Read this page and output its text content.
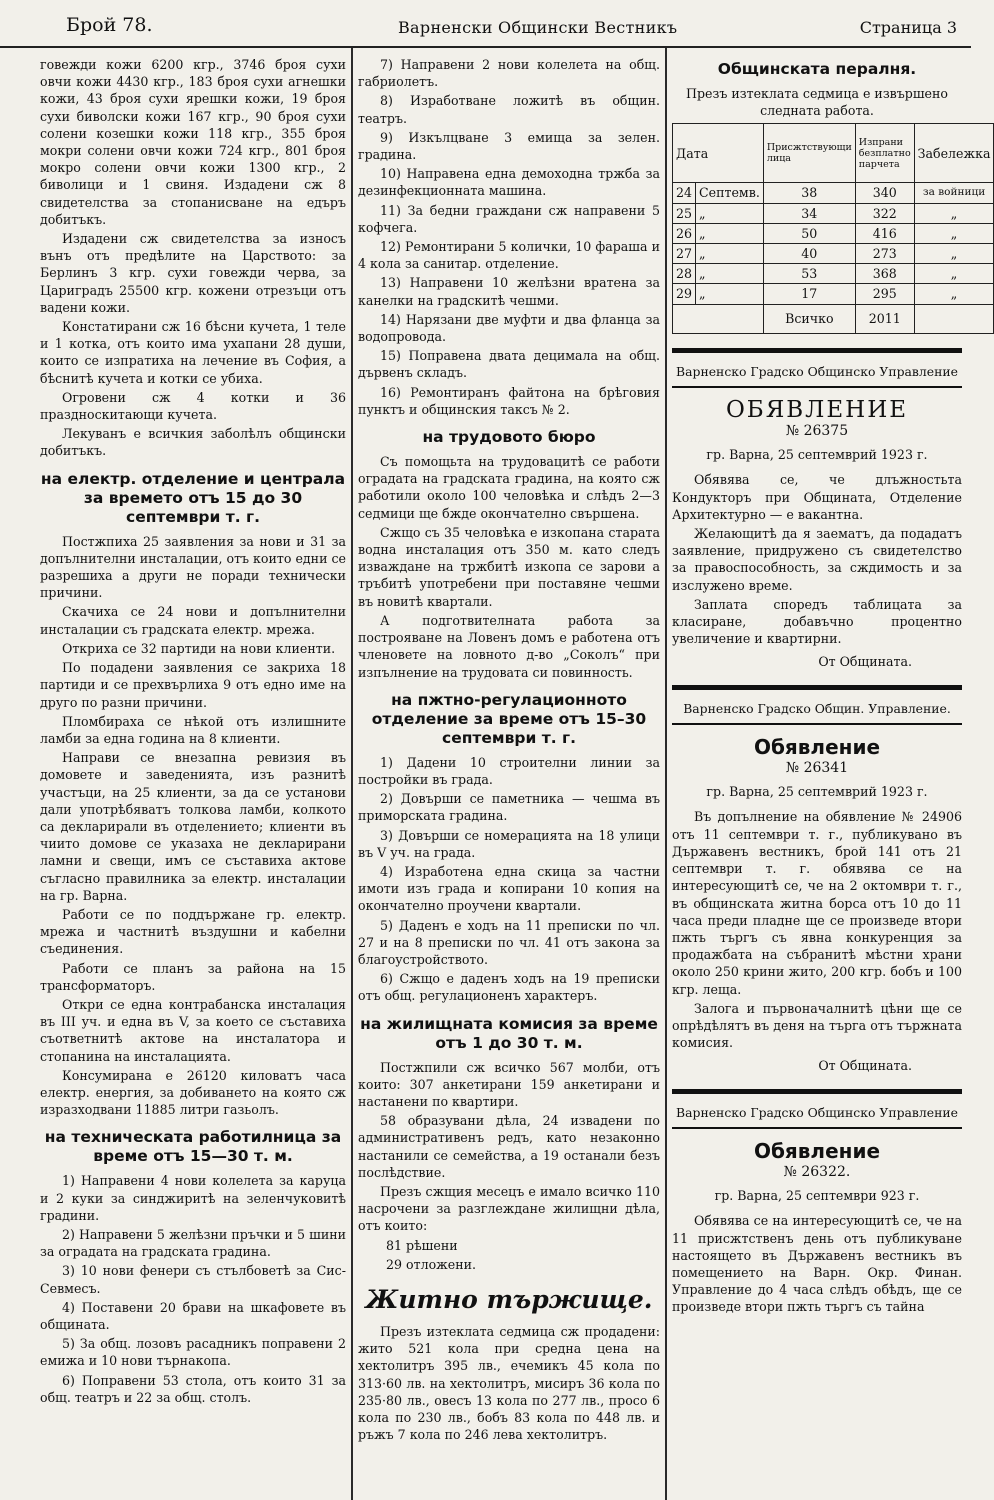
Брой 78.	Варненски Общински Вестникъ	Страница 3

говежди кожи 6200 кгр., 3746 броя сухи овчи кожи 4430 кгр., 183 броя сухи агнешки кожи, 43 броя сухи ярешки кожи, 19 броя сухи биволски кожи 167 кгр., 90 броя сухи солени козешки кожи 118 кгр., 355 броя мокри солени овчи кожи 724 кгр., 801 броя мокро солени овчи кожи 1300 кгр., 2 биволици и 1 свиня. Издадени сж 8 свидетелства за стопанисване на едъръ добитъкъ.

Издадени сж свидетелства за износъ вънъ отъ предѣлите на Царството: за Берлинъ 3 кгр. сухи говежди черва, за Цариградъ 25500 кгр. кожени отрезъци отъ вадени кожи.

Констатирани сж 16 бѣсни кучета, 1 теле и 1 котка, отъ които има ухапани 28 души, които се изпратиха на лечение въ София, а бѣснитѣ кучета и котки се убиха.

Огровени сж 4 котки и 36 праздноскитающи кучета.

Лекуванъ е всичкия заболѣлъ общински добитъкъ.

на електр. отделение и централа за времето отъ 15 до 30 септември т. г.

Постжпиха 25 заявления за нови и 31 за допълнителни инсталации, отъ които едни се разрешиха а други не поради технически причини.

Скачиха се 24 нови и допълнителни инсталации съ градската електр. мрежа.

Откриха се 32 партиди на нови клиенти.

По подадени заявления се закриха 18 партиди и се прехвърлиха 9 отъ едно име на друго по разни причини.

Пломбираха се нѣкой отъ излишните ламби за една година на 8 клиенти.

Направи се внезапна ревизия въ домовете и заведенията, изъ разнитѣ участъци, на 25 клиенти, за да се установи дали употрѣбяватъ толкова ламби, колкото са декларирали въ отделението; клиенти въ чиито домове се указаха не декларирани ламни и свещи, имъ се съставиха актове съгласно правилника за електр. инсталации на гр. Варна.

Работи се по поддържане гр. електр. мрежа и частнитѣ въздушни и кабелни съединения.

Работи се планъ за района на 15 трансформаторъ.

Откри се една контрабанска инсталация въ III уч. и една въ V, за което се съставиха съответнитѣ актове на инсталатора и стопанина на инсталацията.

Консумирана е 26120 киловатъ часа електр. енергия, за добиването на която сж изразходвани 11885 литри газьолъ.

на техническата работилница за време отъ 15—30 т. м.

1) Направени 4 нови колелета за каруца и 2 куки за синджиритѣ на зеленчуковитѣ градини.

2) Направени 5 желѣзни пръчки и 5 шини за оградата на градската градина.

3) 10 нови фенери съ стълбоветѣ за Сис-Севмесъ.

4) Поставени 20 брави на шкафовете въ общината.

5) За общ. лозовъ расадникъ поправени 2 емижа и 10 нови търнакопа.

6) Поправени 53 стола, отъ които 31 за общ. театръ и 22 за общ. столъ.

7) Направени 2 нови колелета на общ. габриолетъ.

8) Изработване ложитѣ въ общин. театръ.

9) Изкълцване 3 емища за зелен. градина.

10) Направена една демоходна тржба за дезинфекционната машина.

11) За бедни граждани сж направени 5 кофчега.

12) Ремонтирани 5 колички, 10 фараша и 4 кола за санитар. отделение.

13) Направени 10 желѣзни вратена за канелки на градскитѣ чешми.

14) Нарязани две муфти и два фланца за водопровода.

15) Поправена двата децимала на общ. дървенъ складъ.

16) Ремонтиранъ файтона на брѣговия пунктъ и общинския таксъ № 2.

на трудовото бюро

Съ помощьта на трудовацитѣ се работи оградата на градската градина, на която сж работили около 100 человѣка и слѣдъ 2—3 седмици ще бжде окончателно свършена.

Сжщо съ 35 человѣка е изкопана старата водна инсталация отъ 350 м. като следъ изваждане на тржбитѣ изкопа се зарови а тръбитѣ употребени при поставяне чешми въ новитѣ квартали.

А подготвителната работа за построяване на Ловенъ домъ е работена отъ членовете на ловното д-во „Соколъ“ при изпълнение на трудовата си повинность.

на пжтно-регулационното отделение за време отъ 15–30 септември т. г.

1) Дадени 10 строителни линии за постройки въ града.

2) Довърши се паметника — чешма въ приморската градина.

3) Довърши се номерацията на 18 улици въ V уч. на града.

4) Изработена една скица за частни имоти изъ града и копирани 10 копия на окончателно проучени квартали.

5) Даденъ е ходъ на 11 преписки по чл. 27 и на 8 преписки по чл. 41 отъ закона за благоустройството.

6) Сжщо е даденъ ходъ на 19 преписки отъ общ. регулационенъ характеръ.

на жилищната комисия за време отъ 1 до 30 т. м.

Постжпили сж всичко 567 молби, отъ които: 307 анкетирани 159 анкетирани и настанени по квартири.

58 образувани дѣла, 24 извадени по административенъ редъ, като незаконно настанили се семейства, а 19 останали безъ послѣдствие.

Презъ сжщия месецъ е имало всичко 110 насрочени за разглеждане жилищни дѣла, отъ които:

81 рѣшени

29 отложени.

Житно тържище.

Презъ изтеклата седмица сж продадени: жито 521 кола при средна цена на хектолитръ 395 лв., ечемикъ 45 кола по 313·60 лв. на хектолитръ, мисиръ 36 кола по 235·80 лв., овесъ 13 кола по 277 лв., просо 6 кола по 230 лв., бобъ 83 кола по 448 лв. и ръжъ 7 кола по 246 лева хектолитръ.

Общинската пералня.

Презъ изтеклата седмица е извършено следната работа.

Дата		Присжтствующи лица	Изпрани безплатно парчета	Забележка
24	Септемв.	38	340	за войници
25	„	34	322	„
26	„	50	416	„
27	„	40	273	„
28	„	53	368	„
29	„	17	295	„
		Всичко	2011	
Варненско Градско Общинско Управление
ОБЯВЛЕНИЕ
№ 26375
гр. Варна, 25 септемврий 1923 г.

Обявява се, че длъжностьта Кондукторъ при Общината, Отделение Архитектурно — е вакантна.

Желающитѣ да я заематъ, да подадатъ заявление, придружено съ свидетелство за правоспособность, за сждимость и за изслужено време.

Заплата споредъ таблицата за класиране, добавъчно процентно увеличение и квартирни.

От Общината.
Варненско Градско Общин. Управление.
Обявление
№ 26341
гр. Варна, 25 септемврий 1923 г.

Въ допълнение на обявление № 24906 отъ 11 септември т. г., публикувано въ Държавенъ вестникъ, брой 141 отъ 21 септември т. г. обявява се на интересующитѣ се, че на 2 октомври т. г., въ общинската житна борса отъ 10 до 11 часа преди пладне ще се произведе втори пжть търгъ съ явна конкуренция за продажбата на събранитѣ мѣстни храни около 250 крини жито, 200 кгр. бобъ и 100 кгр. леща.

Залога и първоначалнитѣ цѣни ще се опрѣдѣлятъ въ деня на търга отъ тържната комисия.

От Общината.
Варненско Градско Общинско Управление
Обявление
№ 26322.
гр. Варна, 25 септември 923 г.

Обявява се на интересующитѣ се, че на 11 присжтственъ день отъ публикуване настоящето въ Държавенъ вестникъ въ помещението на Варн. Окр. Финан. Управление до 4 часа слѣдъ обѣдъ, ще се произведе втори пжть търгъ съ тайна
